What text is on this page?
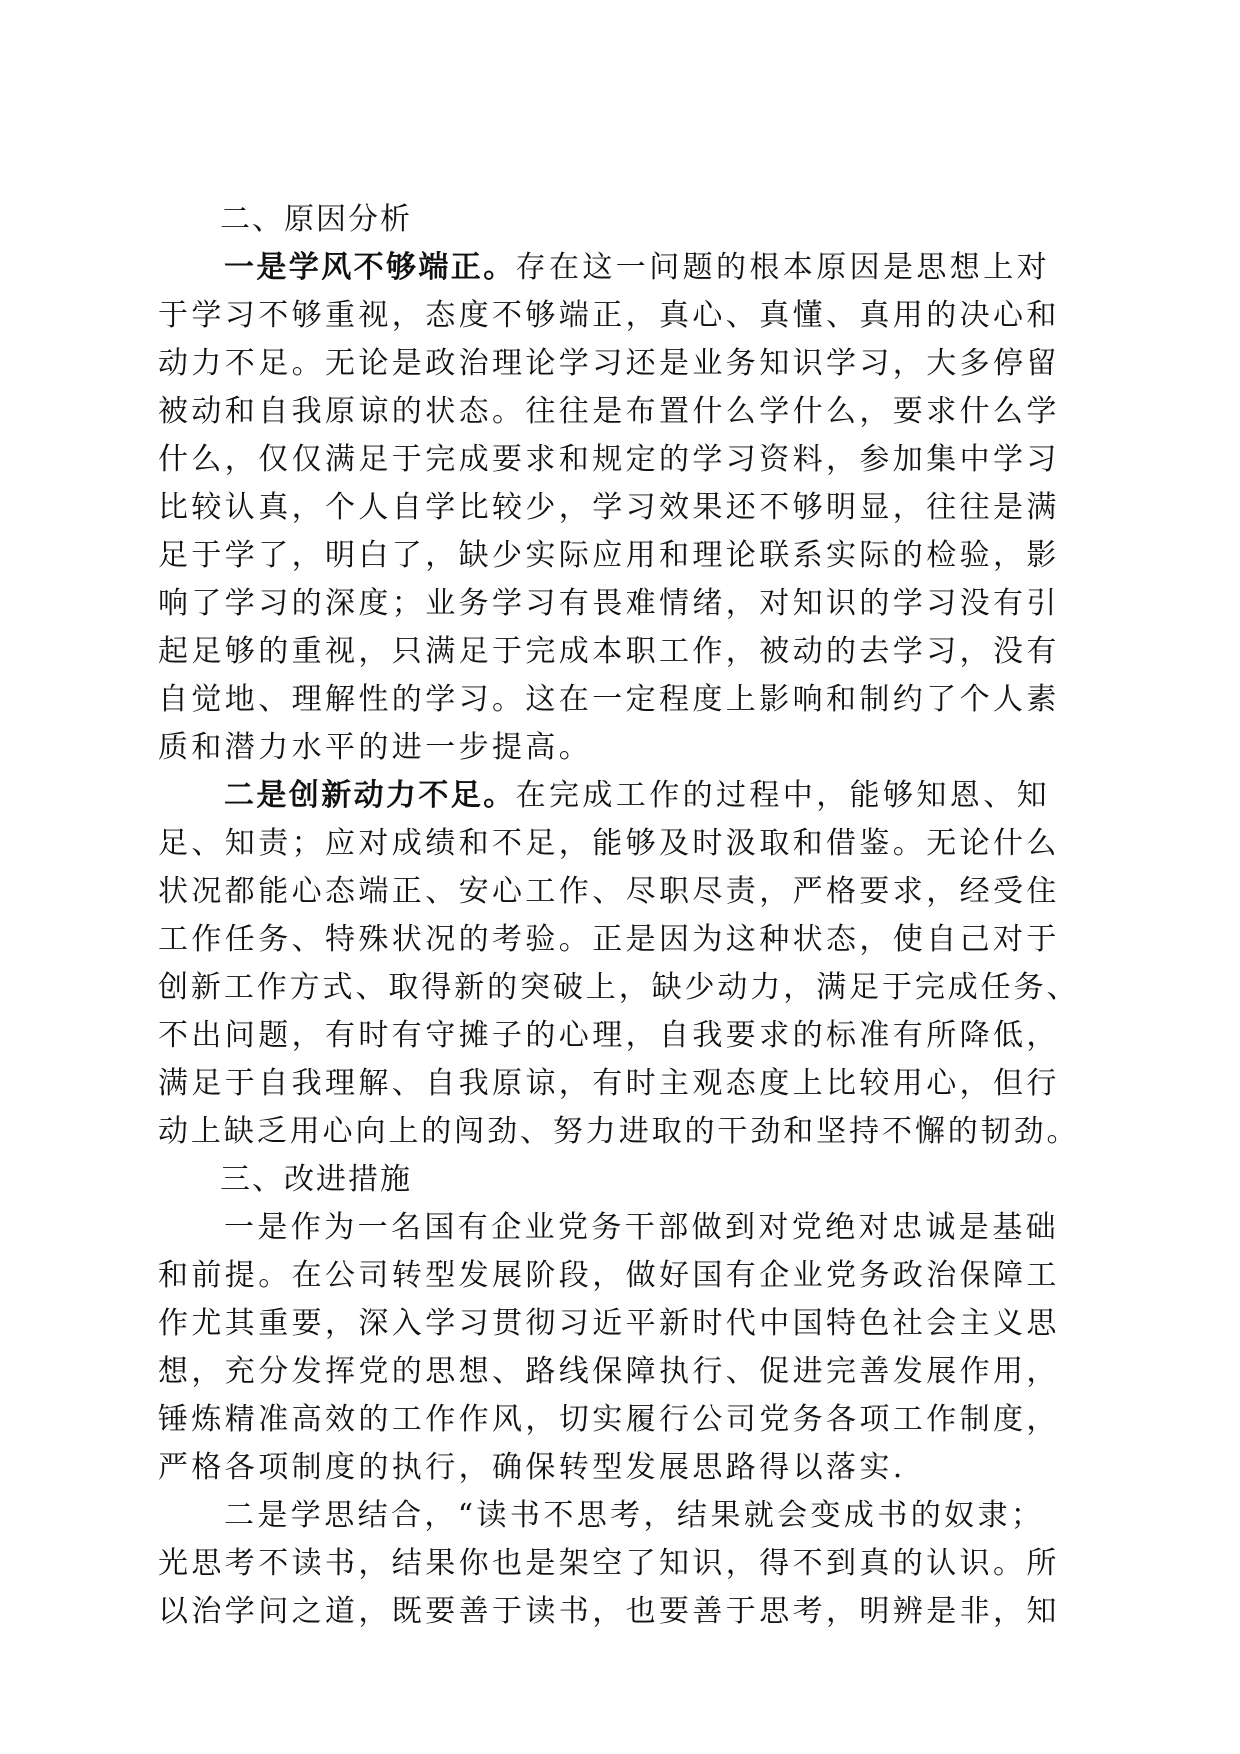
二、原因分析
一是学风不够端正。存在这一问题的根本原因是思想上对
于学习不够重视，态度不够端正，真心、真懂、真用的决心和
动力不足。无论是政治理论学习还是业务知识学习，大多停留
被动和自我原谅的状态。往往是布置什么学什么，要求什么学
什么，仅仅满足于完成要求和规定的学习资料，参加集中学习
比较认真，个人自学比较少，学习效果还不够明显，往往是满
足于学了，明白了，缺少实际应用和理论联系实际的检验，影
响了学习的深度；业务学习有畏难情绪，对知识的学习没有引
起足够的重视，只满足于完成本职工作，被动的去学习，没有
自觉地、理解性的学习。这在一定程度上影响和制约了个人素
质和潜力水平的进一步提高。
二是创新动力不足。在完成工作的过程中，能够知恩、知
足、知责；应对成绩和不足，能够及时汲取和借鉴。无论什么
状况都能心态端正、安心工作、尽职尽责，严格要求，经受住
工作任务、特殊状况的考验。正是因为这种状态，使自己对于
创新工作方式、取得新的突破上，缺少动力，满足于完成任务、
不出问题，有时有守摊子的心理，自我要求的标准有所降低，
满足于自我理解、自我原谅，有时主观态度上比较用心，但行
动上缺乏用心向上的闯劲、努力进取的干劲和坚持不懈的韧劲。
三、改进措施
一是作为一名国有企业党务干部做到对党绝对忠诚是基础
和前提。在公司转型发展阶段，做好国有企业党务政治保障工
作尤其重要，深入学习贯彻习近平新时代中国特色社会主义思
想，充分发挥党的思想、路线保障执行、促进完善发展作用，
锤炼精准高效的工作作风，切实履行公司党务各项工作制度，
严格各项制度的执行，确保转型发展思路得以落实.
二是学思结合，“读书不思考，结果就会变成书的奴隶；
光思考不读书，结果你也是架空了知识，得不到真的认识。所
以治学问之道，既要善于读书，也要善于思考，明辨是非，知
